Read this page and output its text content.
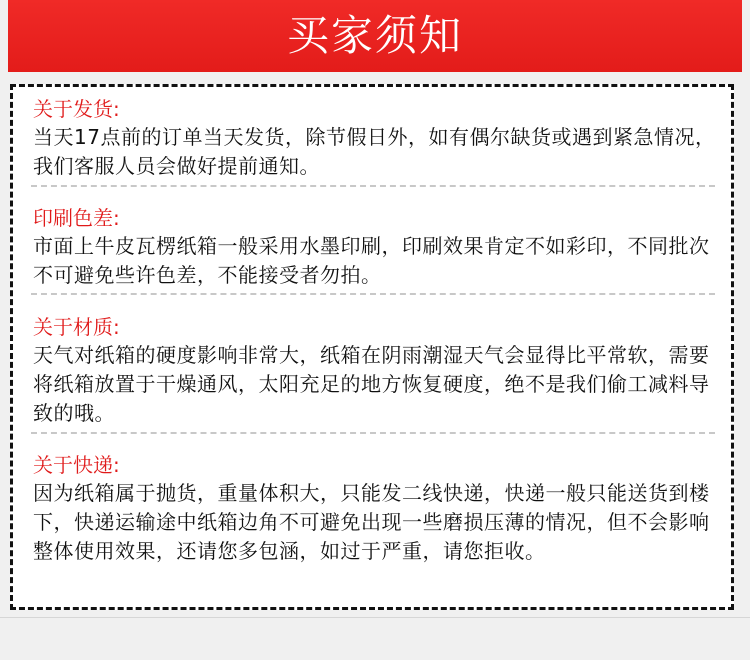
买家须知

关于发货:

当天17点前的订单当天发货，除节假日外，如有偶尔缺货或遇到紧急情况，我们客服人员会做好提前通知。

印刷色差:

市面上牛皮瓦楞纸箱一般采用水墨印刷，印刷效果肯定不如彩印，不同批次不可避免些许色差，不能接受者勿拍。

关于材质:

天气对纸箱的硬度影响非常大，纸箱在阴雨潮湿天气会显得比平常软，需要将纸箱放置于干燥通风，太阳充足的地方恢复硬度，绝不是我们偷工减料导致的哦。

关于快递:

因为纸箱属于抛货，重量体积大，只能发二线快递，快递一般只能送货到楼下，快递运输途中纸箱边角不可避免出现一些磨损压薄的情况，但不会影响整体使用效果，还请您多包涵，如过于严重，请您拒收。
